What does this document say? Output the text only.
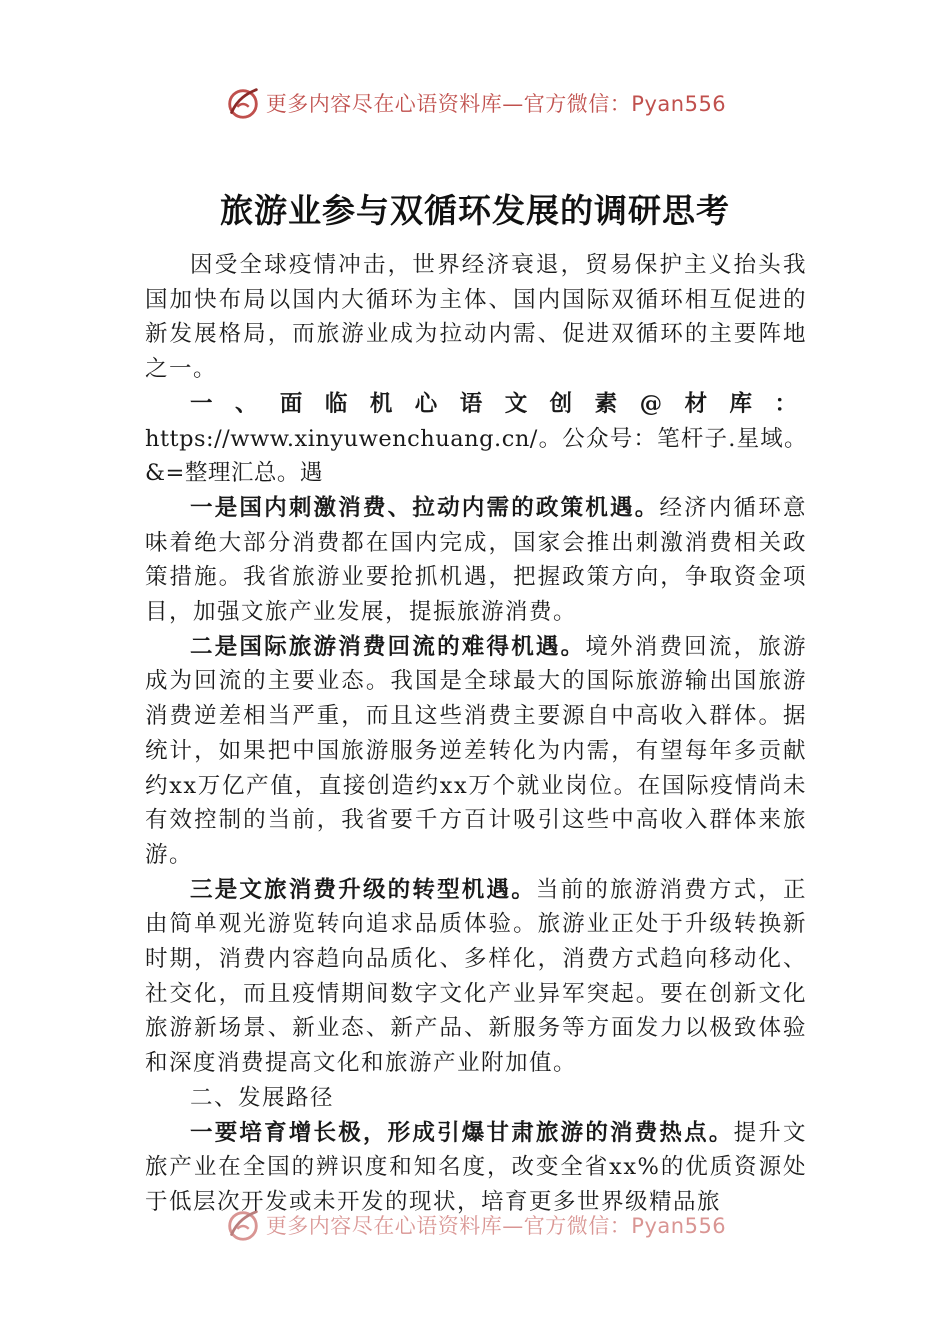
更多内容尽在心语资料库—官方微信：Pyan556
旅游业参与双循环发展的调研思考

因受全球疫情冲击，世界经济衰退，贸易保护主义抬头我国加快布局以国内大循环为主体、国内国际双循环相互促进的新发展格局，而旅游业成为拉动内需、促进双循环的主要阵地之一。

一、面临机心语文创素@材库：https://www.xinyuwenchuang.cn/。公众号：笔杆子.星域。&=整理汇总。遇

一是国内刺激消费、拉动内需的政策机遇。经济内循环意味着绝大部分消费都在国内完成，国家会推出刺激消费相关政策措施。我省旅游业要抢抓机遇，把握政策方向，争取资金项目，加强文旅产业发展，提振旅游消费。

二是国际旅游消费回流的难得机遇。境外消费回流，旅游成为回流的主要业态。我国是全球最大的国际旅游输出国旅游消费逆差相当严重，而且这些消费主要源自中高收入群体。据统计，如果把中国旅游服务逆差转化为内需，有望每年多贡献约xx万亿产值，直接创造约xx万个就业岗位。在国际疫情尚未有效控制的当前，我省要千方百计吸引这些中高收入群体来旅游。

三是文旅消费升级的转型机遇。当前的旅游消费方式，正由简单观光游览转向追求品质体验。旅游业正处于升级转换新时期，消费内容趋向品质化、多样化，消费方式趋向移动化、社交化，而且疫情期间数字文化产业异军突起。要在创新文化旅游新场景、新业态、新产品、新服务等方面发力以极致体验和深度消费提高文化和旅游产业附加值。

二、发展路径

一要培育增长极，形成引爆甘肃旅游的消费热点。提升文旅产业在全国的辨识度和知名度，改变全省xx%的优质资源处于低层次开发或未开发的现状，培育更多世界级精品旅

更多内容尽在心语资料库—官方微信：Pyan556
